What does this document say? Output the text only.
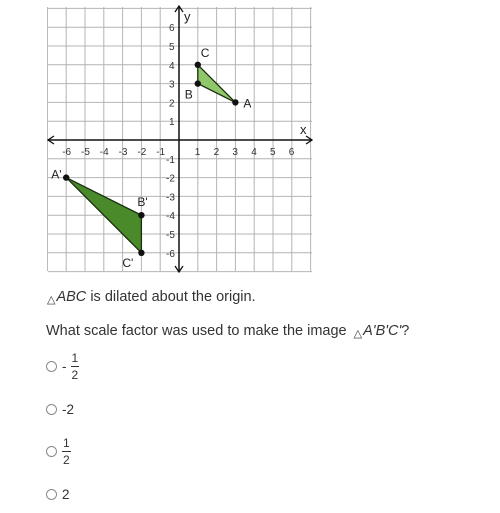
y
x
-6 -5 -4 -3 -2 -1	1 2 3 4 5 6
6
5
4
3
2
1
-1
-2
-3
-4
-5
-6
A
B
C
A'
B'
C'
△ABC is dilated about the origin.
What scale factor was used to make the image △A'B'C'?
- $\frac{1}{2}$
-2
$\frac{1}{2}$
2
